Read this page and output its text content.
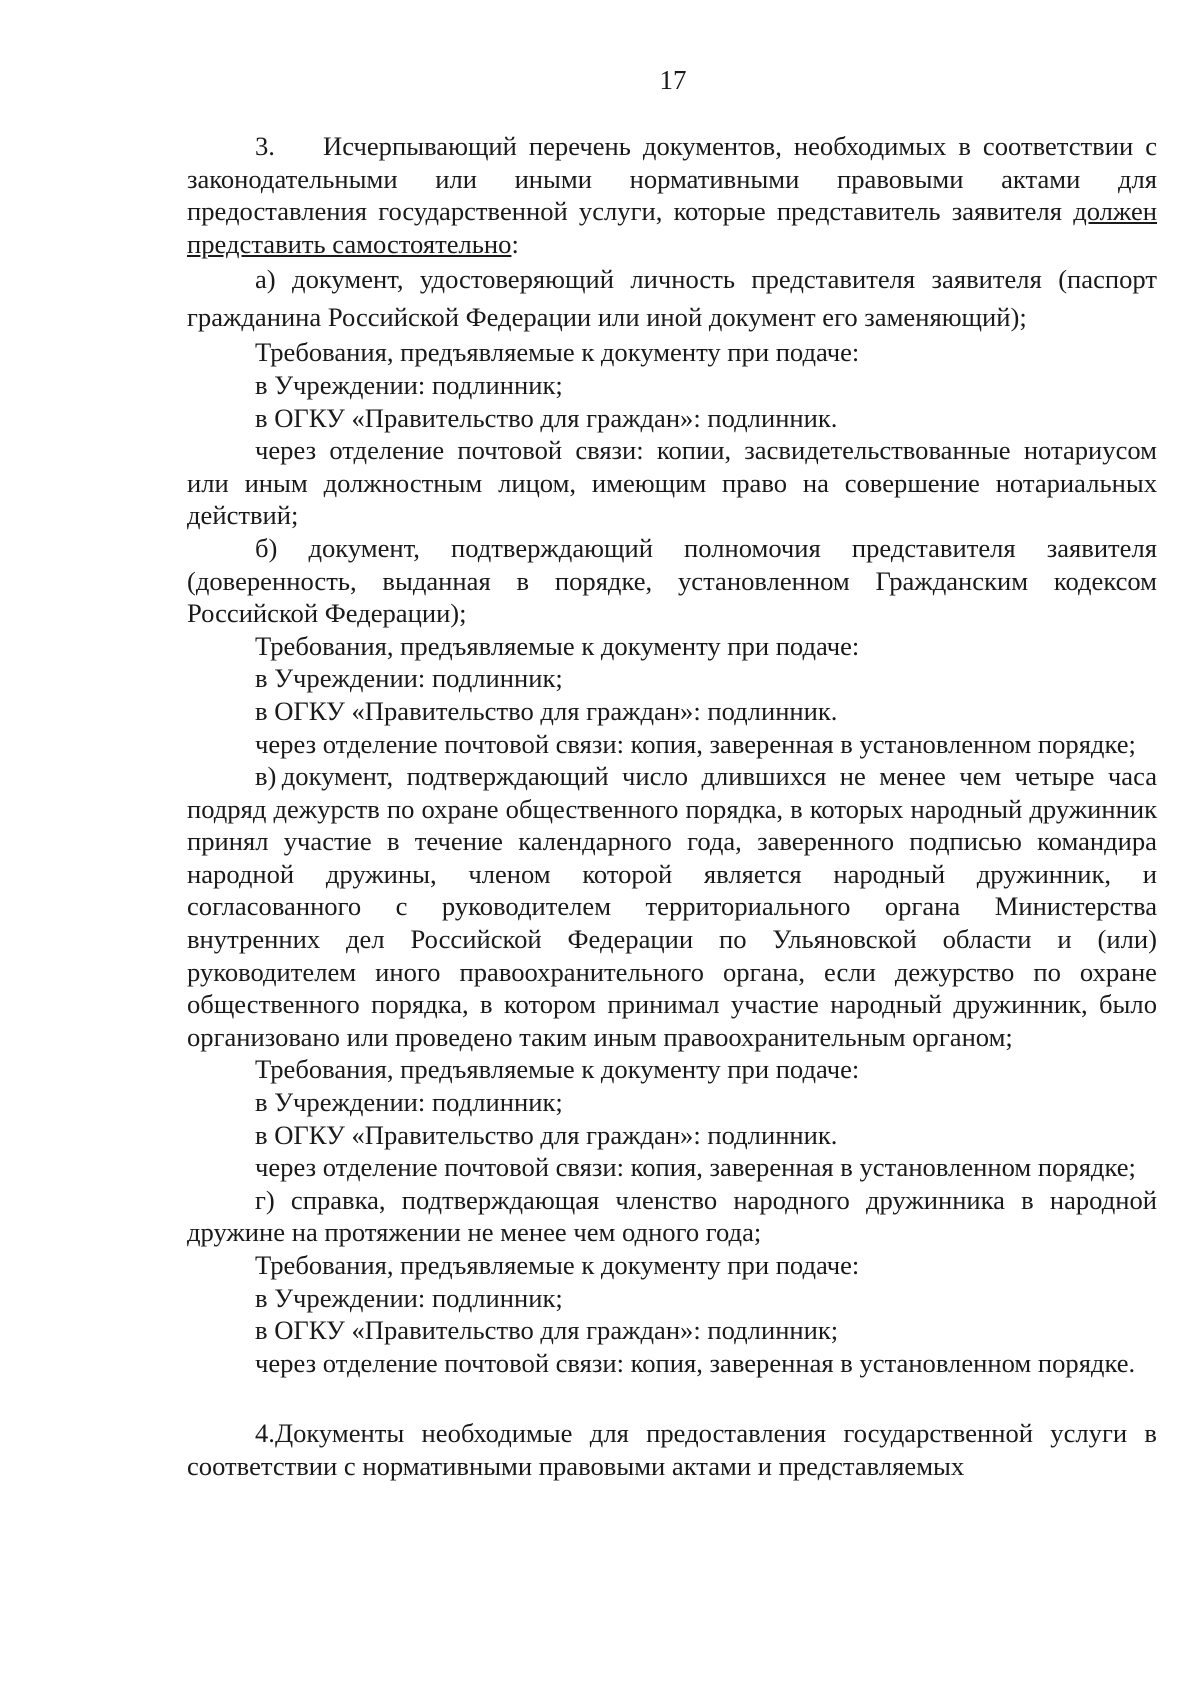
17

3.    Исчерпывающий перечень документов, необходимых в соответствии с законодательными или иными нормативными правовыми актами для предоставления государственной услуги, которые представитель заявителя должен представить самостоятельно:

а) документ, удостоверяющий личность представителя заявителя (паспорт гражданина Российской Федерации или иной документ его заменяющий);

Требования, предъявляемые к документу при подаче:

в Учреждении: подлинник;

в ОГКУ «Правительство для граждан»: подлинник.

через отделение почтовой связи: копии, засвидетельствованные нотариусом или иным должностным лицом, имеющим право на совершение нотариальных действий;

б) документ, подтверждающий полномочия представителя заявителя (доверенность, выданная в порядке, установленном Гражданским кодексом Российской Федерации);

Требования, предъявляемые к документу при подаче:

в Учреждении: подлинник;

в ОГКУ «Правительство для граждан»: подлинник.

через отделение почтовой связи: копия, заверенная в установленном порядке;

в) документ, подтверждающий число длившихся не менее чем четыре часа подряд дежурств по охране общественного порядка, в которых народный дружинник принял участие в течение календарного года, заверенного подписью командира народной дружины, членом которой является народный дружинник, и согласованного с руководителем территориального органа Министерства внутренних дел Российской Федерации по Ульяновской области и (или) руководителем иного правоохранительного органа, если дежурство по охране общественного порядка, в котором принимал участие народный дружинник, было организовано или проведено таким иным правоохранительным органом;

Требования, предъявляемые к документу при подаче:

в Учреждении: подлинник;

в ОГКУ «Правительство для граждан»: подлинник.

через отделение почтовой связи: копия, заверенная в установленном порядке;

г) справка, подтверждающая членство народного дружинника в народной дружине на протяжении не менее чем одного года;

Требования, предъявляемые к документу при подаче:

в Учреждении: подлинник;

в ОГКУ «Правительство для граждан»: подлинник;

через отделение почтовой связи: копия, заверенная в установленном порядке.

4.Документы необходимые для предоставления государственной услуги в соответствии с нормативными правовыми актами и представляемых
